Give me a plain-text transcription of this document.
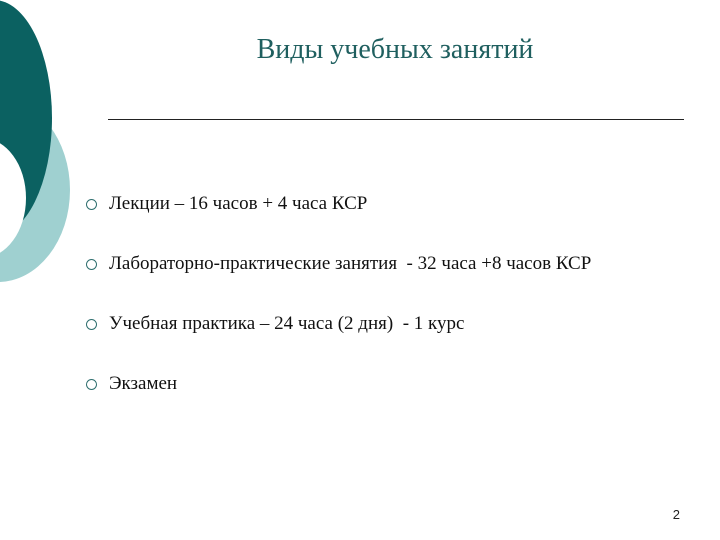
Виды учебных занятий
Лекции – 16 часов + 4 часа КСР
Лабораторно-практические занятия  - 32 часа +8 часов КСР
Учебная практика – 24 часа (2 дня)  - 1 курс
Экзамен
2
